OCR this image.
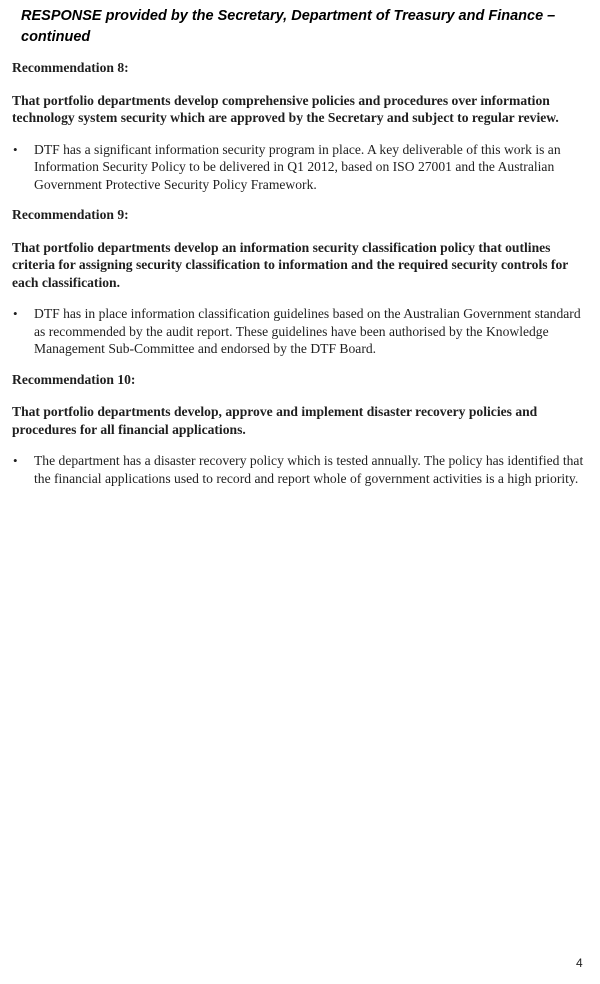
RESPONSE provided by the Secretary, Department of Treasury and Finance – continued

Recommendation 8:

That portfolio departments develop comprehensive policies and procedures over information technology system security which are approved by the Secretary and subject to regular review.

• DTF has a significant information security program in place. A key deliverable of this work is an Information Security Policy to be delivered in Q1 2012, based on ISO 27001 and the Australian Government Protective Security Policy Framework.

Recommendation 9:

That portfolio departments develop an information security classification policy that outlines criteria for assigning security classification to information and the required security controls for each classification.

• DTF has in place information classification guidelines based on the Australian Government standard as recommended by the audit report. These guidelines have been authorised by the Knowledge Management Sub-Committee and endorsed by the DTF Board.

Recommendation 10:

That portfolio departments develop, approve and implement disaster recovery policies and procedures for all financial applications.

• The department has a disaster recovery policy which is tested annually. The policy has identified that the financial applications used to record and report whole of government activities is a high priority.
4
